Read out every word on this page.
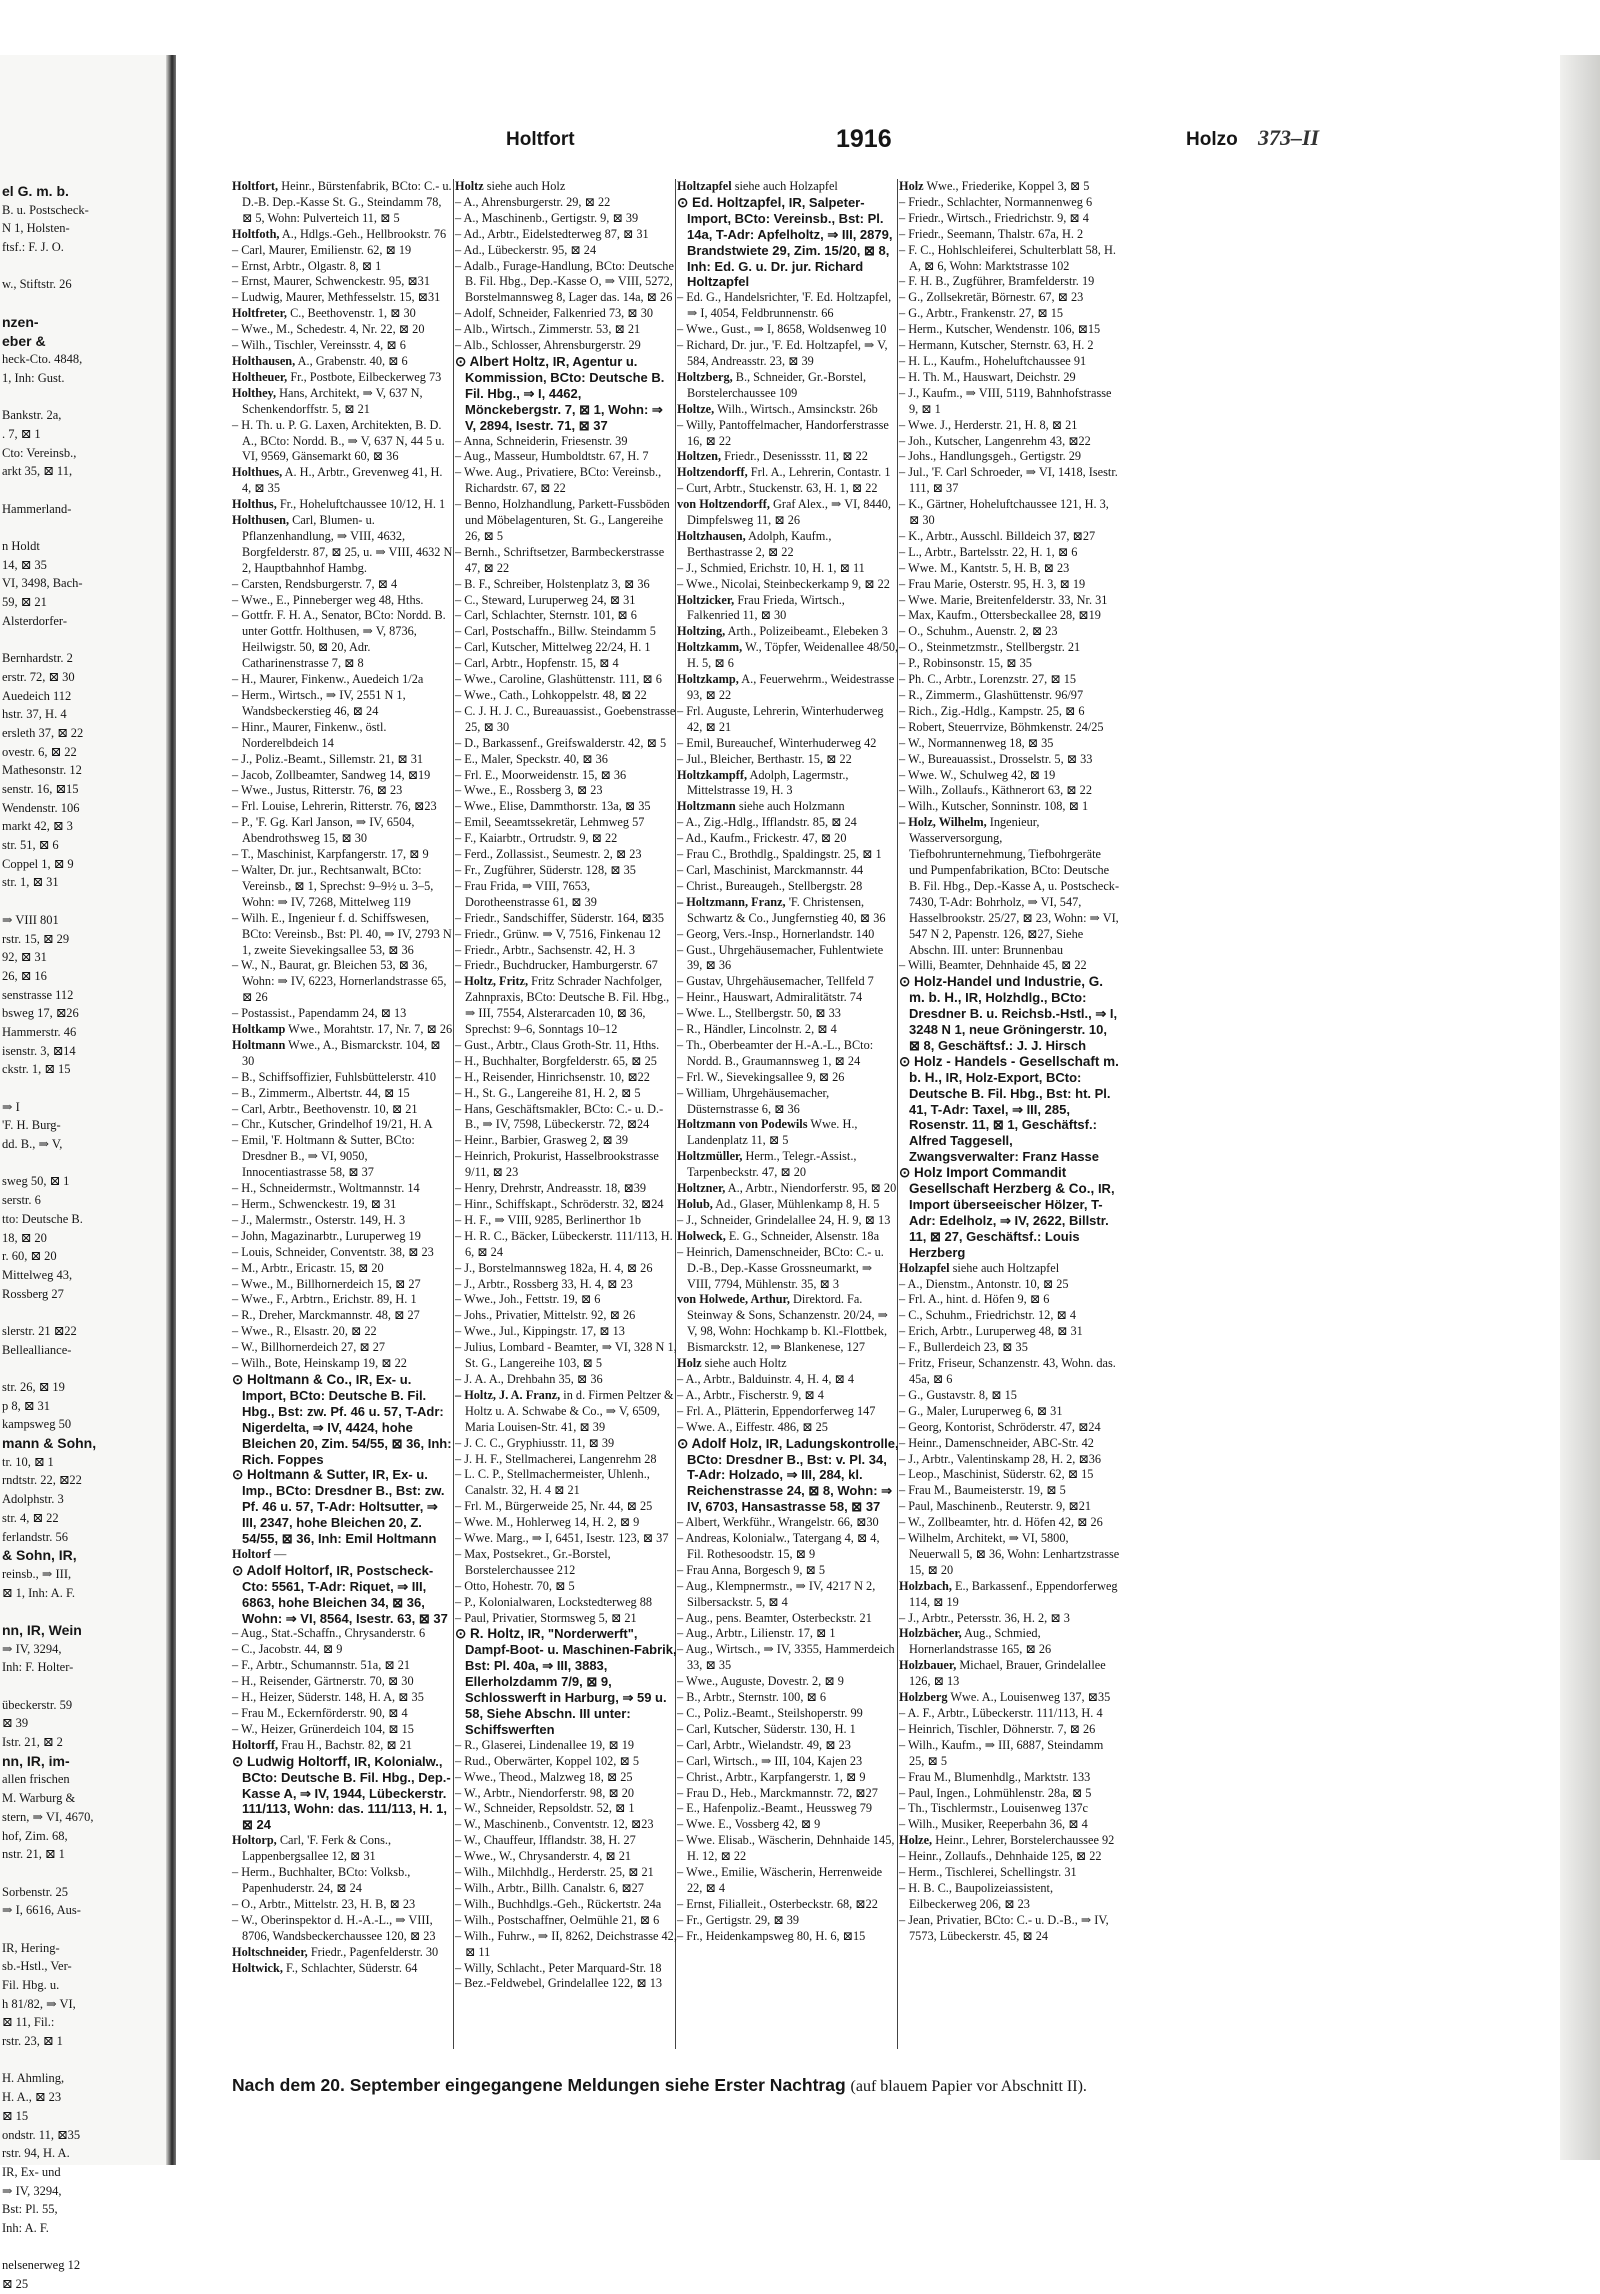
el G. m. b.
B. u. Postscheck-
N 1, Holsten-
ftsf.: F. J. O.
w., Stiftstr. 26
nzen-
eber &
heck-Cto. 4848,
1, Inh: Gust.
Bankstr. 2a,
. 7, ⊠ 1
Cto: Vereinsb.,
arkt 35, ⊠ 11,
Hammerland-
n Holdt
14, ⊠ 35
VI, 3498, Bach-
59, ⊠ 21
Alsterdorfer-
Bernhardstr. 2
erstr. 72, ⊠ 30
Auedeich 112
hstr. 37, H. 4
ersleth 37, ⊠ 22
ovestr. 6, ⊠ 22
Mathesonstr. 12
senstr. 16, ⊠15
Wendenstr. 106
markt 42, ⊠ 3
str. 51, ⊠ 6
Coppel 1, ⊠ 9
str. 1, ⊠ 31
⇒ VIII 801
rstr. 15, ⊠ 29
92, ⊠ 31
26, ⊠ 16
senstrasse 112
bsweg 17, ⊠26
Hammerstr. 46
isenstr. 3, ⊠14
ckstr. 1, ⊠ 15
⇒ I
'F. H. Burg-
dd. B., ⇒ V,
sweg 50, ⊠ 1
serstr. 6
tto: Deutsche B.
18, ⊠ 20
r. 60, ⊠ 20
Mittelweg 43,
Rossberg 27
slerstr. 21 ⊠22
Bellealliance-
str. 26, ⊠ 19
p 8, ⊠ 31
kampsweg 50
mann & Sohn,
tr. 10, ⊠ 1
rndtstr. 22, ⊠22
Adolphstr. 3
str. 4, ⊠ 22
ferlandstr. 56
& Sohn, IR,
reinsb., ⇒ III,
⊠ 1, Inh: A. F.
nn, IR, Wein
⇒ IV, 3294,
Inh: F. Holter-
übeckerstr. 59
⊠ 39
Istr. 21, ⊠ 2
nn, IR, im-
allen frischen
M. Warburg &
stern, ⇒ VI, 4670,
hof, Zim. 68,
nstr. 21, ⊠ 1
Sorbenstr. 25
⇒ I, 6616, Aus-
IR, Hering-
sb.-Hstl., Ver-
Fil. Hbg. u.
h 81/82, ⇒ VI,
⊠ 11, Fil.:
rstr. 23, ⊠ 1
H. Ahmling,
H. A., ⊠ 23
⊠ 15
ondstr. 11, ⊠35
rstr. 94, H. A.
IR, Ex- und
⇒ IV, 3294,
Bst: Pl. 55,
Inh: A. F.
nelsenerweg 12
⊠ 25
Holtfort	1916	Holzo 373–II

Holtfort, Heinr., Bürstenfabrik, BCto: C.- u. D.-B. Dep.-Kasse St. G., Steindamm 78, ⊠ 5, Wohn: Pulverteich 11, ⊠ 5

Holtfoth, A., Hdlgs.-Geh., Hellbrookstr. 76

– Carl, Maurer, Emilienstr. 62, ⊠ 19

– Ernst, Arbtr., Olgastr. 8, ⊠ 1

– Ernst, Maurer, Schwenckestr. 95, ⊠31

– Ludwig, Maurer, Methfesselstr. 15, ⊠31

Holtfreter, C., Beethovenstr. 1, ⊠ 30

– Wwe., M., Schedestr. 4, Nr. 22, ⊠ 20

– Wilh., Tischler, Vereinsstr. 4, ⊠ 6

Holthausen, A., Grabenstr. 40, ⊠ 6

Holtheuer, Fr., Postbote, Eilbeckerweg 73

Holthey, Hans, Architekt, ⇒ V, 637 N, Schenkendorffstr. 5, ⊠ 21

– H. Th. u. P. G. Laxen, Architekten, B. D. A., BCto: Nordd. B., ⇒ V, 637 N, 44 5 u. VI, 9569, Gänsemarkt 60, ⊠ 36

Holthues, A. H., Arbtr., Grevenweg 41, H. 4, ⊠ 35

Holthus, Fr., Hoheluftchaussee 10/12, H. 1

Holthusen, Carl, Blumen- u. Pflanzenhandlung, ⇒ VIII, 4632, Borgfelderstr. 87, ⊠ 25, u. ⇒ VIII, 4632 N 2, Hauptbahnhof Hambg.

– Carsten, Rendsburgerstr. 7, ⊠ 4

– Wwe., E., Pinneberger weg 48, Hths.

– Gottfr. F. H. A., Senator, BCto: Nordd. B. unter Gottfr. Holthusen, ⇒ V, 8736, Heilwigstr. 50, ⊠ 20, Adr. Catharinenstrasse 7, ⊠ 8

– H., Maurer, Finkenw., Auedeich 1/2a

– Herm., Wirtsch., ⇒ IV, 2551 N 1, Wandsbeckerstieg 46, ⊠ 24

– Hinr., Maurer, Finkenw., östl. Norderelbdeich 14

– J., Poliz.-Beamt., Sillemstr. 21, ⊠ 31

– Jacob, Zollbeamter, Sandweg 14, ⊠19

– Wwe., Justus, Ritterstr. 76, ⊠ 23

– Frl. Louise, Lehrerin, Ritterstr. 76, ⊠23

– P., 'F. Gg. Karl Janson, ⇒ IV, 6504, Abendrothsweg 15, ⊠ 30

– T., Maschinist, Karpfangerstr. 17, ⊠ 9

– Walter, Dr. jur., Rechtsanwalt, BCto: Vereinsb., ⊠ 1, Sprechst: 9–9½ u. 3–5, Wohn: ⇒ IV, 7268, Mittelweg 119

– Wilh. E., Ingenieur f. d. Schiffswesen, BCto: Vereinsb., Bst: Pl. 40, ⇒ IV, 2793 N 1, zweite Sievekingsallee 53, ⊠ 36

– W., N., Baurat, gr. Bleichen 53, ⊠ 36, Wohn: ⇒ IV, 6223, Hornerlandstrasse 65, ⊠ 26

– Postassist., Papendamm 24, ⊠ 13

Holtkamp Wwe., Morahtstr. 17, Nr. 7, ⊠ 26

Holtmann Wwe., A., Bismarckstr. 104, ⊠ 30

– B., Schiffsoffizier, Fuhlsbüttelerstr. 410

– B., Zimmerm., Albertstr. 44, ⊠ 15

– Carl, Arbtr., Beethovenstr. 10, ⊠ 21

– Chr., Kutscher, Grindelhof 19/21, H. A

– Emil, 'F. Holtmann & Sutter, BCto: Dresdner B., ⇒ VI, 9050, Innocentiastrasse 58, ⊠ 37

– H., Schneidermstr., Woltmannstr. 14

– Herm., Schwenckestr. 19, ⊠ 31

– J., Malermstr., Osterstr. 149, H. 3

– John, Magazinarbtr., Luruperweg 19

– Louis, Schneider, Conventstr. 38, ⊠ 23

– M., Arbtr., Ericastr. 15, ⊠ 20

– Wwe., M., Billhornerdeich 15, ⊠ 27

– Wwe., F., Arbtrn., Erichstr. 89, H. 1

– R., Dreher, Marckmannstr. 48, ⊠ 27

– Wwe., R., Elsastr. 20, ⊠ 22

– W., Billhornerdeich 27, ⊠ 27

– Wilh., Bote, Heinskamp 19, ⊠ 22

⊙ Holtmann & Co., IR, Ex- u. Import, BCto: Deutsche B. Fil. Hbg., Bst: zw. Pf. 46 u. 57, T-Adr: Nigerdelta, ⇒ IV, 4424, hohe Bleichen 20, Zim. 54/55, ⊠ 36, Inh: Rich. Foppes

⊙ Holtmann & Sutter, IR, Ex- u. Imp., BCto: Dresdner B., Bst: zw. Pf. 46 u. 57, T-Adr: Holtsutter, ⇒ III, 2347, hohe Bleichen 20, Z. 54/55, ⊠ 36, Inh: Emil Holtmann

Holtorf —

⊙ Adolf Holtorf, IR, Postscheck-Cto: 5561, T-Adr: Riquet, ⇒ III, 6863, hohe Bleichen 34, ⊠ 36, Wohn: ⇒ VI, 8564, Isestr. 63, ⊠ 37

– Aug., Stat.-Schaffn., Chrysanderstr. 6

– C., Jacobstr. 44, ⊠ 9

– F., Arbtr., Schumannstr. 51a, ⊠ 21

– H., Reisender, Gärtnerstr. 70, ⊠ 30

– H., Heizer, Süderstr. 148, H. A, ⊠ 35

– Frau M., Eckernförderstr. 90, ⊠ 4

– W., Heizer, Grünerdeich 104, ⊠ 15

Holtorff, Frau H., Bachstr. 82, ⊠ 21

⊙ Ludwig Holtorff, IR, Kolonialw., BCto: Deutsche B. Fil. Hbg., Dep.-Kasse A, ⇒ IV, 1944, Lübeckerstr. 111/113, Wohn: das. 111/113, H. 1, ⊠ 24

Holtorp, Carl, 'F. Ferk & Cons., Lappenbergsallee 12, ⊠ 31

– Herm., Buchhalter, BCto: Volksb., Papenhuderstr. 24, ⊠ 24

– O., Arbtr., Mittelstr. 23, H. B, ⊠ 23

– W., Oberinspektor d. H.-A.-L., ⇒ VIII, 8706, Wandsbeckerchaussee 120, ⊠ 23

Holtschneider, Friedr., Pagenfelderstr. 30

Holtwick, F., Schlachter, Süderstr. 64

Holtz siehe auch Holz

– A., Ahrensburgerstr. 29, ⊠ 22

– A., Maschinenb., Gertigstr. 9, ⊠ 39

– Ad., Arbtr., Eidelstedterweg 87, ⊠ 31

– Ad., Lübeckerstr. 95, ⊠ 24

– Adalb., Furage-Handlung, BCto: Deutsche B. Fil. Hbg., Dep.-Kasse O, ⇒ VIII, 5272, Borstelmannsweg 8, Lager das. 14a, ⊠ 26

– Adolf, Schneider, Falkenried 73, ⊠ 30

– Alb., Wirtsch., Zimmerstr. 53, ⊠ 21

– Alb., Schlosser, Ahrensburgerstr. 29

⊙ Albert Holtz, IR, Agentur u. Kommission, BCto: Deutsche B. Fil. Hbg., ⇒ I, 4462, Mönckebergstr. 7, ⊠ 1, Wohn: ⇒ V, 2894, Isestr. 71, ⊠ 37

– Anna, Schneiderin, Friesenstr. 39

– Aug., Masseur, Humboldtstr. 67, H. 7

– Wwe. Aug., Privatiere, BCto: Vereinsb., Richardstr. 67, ⊠ 22

– Benno, Holzhandlung, Parkett-Fussböden und Möbelagenturen, St. G., Langereihe 26, ⊠ 5

– Bernh., Schriftsetzer, Barmbeckerstrasse 47, ⊠ 22

– B. F., Schreiber, Holstenplatz 3, ⊠ 36

– C., Steward, Luruperweg 24, ⊠ 31

– Carl, Schlachter, Sternstr. 101, ⊠ 6

– Carl, Postschaffn., Billw. Steindamm 5

– Carl, Kutscher, Mittelweg 22/24, H. 1

– Carl, Arbtr., Hopfenstr. 15, ⊠ 4

– Wwe., Caroline, Glashüttenstr. 111, ⊠ 6

– Wwe., Cath., Lohkoppelstr. 48, ⊠ 22

– C. J. H. J. C., Bureauassist., Goebenstrasse 25, ⊠ 30

– D., Barkassenf., Greifswalderstr. 42, ⊠ 5

– E., Maler, Speckstr. 40, ⊠ 36

– Frl. E., Moorweidenstr. 15, ⊠ 36

– Wwe., E., Rossberg 3, ⊠ 23

– Wwe., Elise, Dammthorstr. 13a, ⊠ 35

– Emil, Seeamtssekretär, Lehmweg 57

– F., Kaiarbtr., Ortrudstr. 9, ⊠ 22

– Ferd., Zollassist., Seumestr. 2, ⊠ 23

– Fr., Zugführer, Süderstr. 128, ⊠ 35

– Frau Frida, ⇒ VIII, 7653, Dorotheenstrasse 61, ⊠ 39

– Friedr., Sandschiffer, Süderstr. 164, ⊠35

– Friedr., Grünw. ⇒ V, 7516, Finkenau 12

– Friedr., Arbtr., Sachsenstr. 42, H. 3

– Friedr., Buchdrucker, Hamburgerstr. 67

– Holtz, Fritz, Fritz Schrader Nachfolger, Zahnpraxis, BCto: Deutsche B. Fil. Hbg., ⇒ III, 7554, Alsterarcaden 10, ⊠ 36, Sprechst: 9–6, Sonntags 10–12

– Gust., Arbtr., Claus Groth-Str. 11, Hths.

– H., Buchhalter, Borgfelderstr. 65, ⊠ 25

– H., Reisender, Hinrichsenstr. 10, ⊠22

– H., St. G., Langereihe 81, H. 2, ⊠ 5

– Hans, Geschäftsmakler, BCto: C.- u. D.-B., ⇒ IV, 7598, Lübeckerstr. 72, ⊠24

– Heinr., Barbier, Grasweg 2, ⊠ 39

– Heinrich, Prokurist, Hasselbrookstrasse 9/11, ⊠ 23

– Henry, Drehrstr, Andreasstr. 18, ⊠39

– Hinr., Schiffskapt., Schröderstr. 32, ⊠24

– H. F., ⇒ VIII, 9285, Berlinerthor 1b

– H. R. C., Bäcker, Lübeckerstr. 111/113, H. 6, ⊠ 24

– J., Borstelmannsweg 182a, H. 4, ⊠ 26

– J., Arbtr., Rossberg 33, H. 4, ⊠ 23

– Wwe., Joh., Fettstr. 19, ⊠ 6

– Johs., Privatier, Mittelstr. 92, ⊠ 26

– Wwe., Jul., Kippingstr. 17, ⊠ 13

– Julius, Lombard - Beamter, ⇒ VI, 328 N 1, St. G., Langereihe 103, ⊠ 5

– J. A. A., Drehbahn 35, ⊠ 36

– Holtz, J. A. Franz, in d. Firmen Peltzer & Holtz u. A. Schwabe & Co., ⇒ V, 6509, Maria Louisen-Str. 41, ⊠ 39

– J. C. C., Gryphiusstr. 11, ⊠ 39

– J. H. F., Stellmacherei, Langenrehm 28

– L. C. P., Stellmachermeister, Uhlenh., Canalstr. 32, H. 4 ⊠ 21

– Frl. M., Bürgerweide 25, Nr. 44, ⊠ 25

– Wwe. M., Hohlerweg 14, H. 2, ⊠ 9

– Wwe. Marg., ⇒ I, 6451, Isestr. 123, ⊠ 37

– Max, Postsekret., Gr.-Borstel, Borstelerchaussee 212

– Otto, Hohestr. 70, ⊠ 5

– P., Kolonialwaren, Lockstedterweg 88

– Paul, Privatier, Stormsweg 5, ⊠ 21

⊙ R. Holtz, IR, "Norderwerft", Dampf-Boot- u. Maschinen-Fabrik, Bst: Pl. 40a, ⇒ III, 3883, Ellerholzdamm 7/9, ⊠ 9, Schlosswerft in Harburg, ⇒ 59 u. 58, Siehe Abschn. III unter: Schiffswerften

– R., Glaserei, Lindenallee 19, ⊠ 19

– Rud., Oberwärter, Koppel 102, ⊠ 5

– Wwe., Theod., Malzweg 18, ⊠ 25

– W., Arbtr., Niendorferstr. 98, ⊠ 20

– W., Schneider, Repsoldstr. 52, ⊠ 1

– W., Maschinenb., Conventstr. 12, ⊠23

– W., Chauffeur, Ifflandstr. 38, H. 27

– Wwe., W., Chrysanderstr. 4, ⊠ 21

– Wilh., Milchhdlg., Herderstr. 25, ⊠ 21

– Wilh., Arbtr., Billh. Canalstr. 6, ⊠27

– Wilh., Buchhdlgs.-Geh., Rückertstr. 24a

– Wilh., Postschaffner, Oelmühle 21, ⊠ 6

– Wilh., Fuhrw., ⇒ II, 8262, Deichstrasse 42, ⊠ 11

– Willy, Schlacht., Peter Marquard-Str. 18

– Bez.-Feldwebel, Grindelallee 122, ⊠ 13

Holtzapfel siehe auch Holzapfel

⊙ Ed. Holtzapfel, IR, Salpeter-Import, BCto: Vereinsb., Bst: Pl. 14a, T-Adr: Apfelholtz, ⇒ III, 2879, Brandstwiete 29, Zim. 15/20, ⊠ 8, Inh: Ed. G. u. Dr. jur. Richard Holtzapfel

– Ed. G., Handelsrichter, 'F. Ed. Holtzapfel, ⇒ I, 4054, Feldbrunnenstr. 66

– Wwe., Gust., ⇒ I, 8658, Woldsenweg 10

– Richard, Dr. jur., 'F. Ed. Holtzapfel, ⇒ V, 584, Andreasstr. 23, ⊠ 39

Holtzberg, B., Schneider, Gr.-Borstel, Borstelerchaussee 109

Holtze, Wilh., Wirtsch., Amsinckstr. 26b

– Willy, Pantoffelmacher, Handorferstrasse 16, ⊠ 22

Holtzen, Friedr., Desenissstr. 11, ⊠ 22

Holtzendorff, Frl. A., Lehrerin, Contastr. 1

– Curt, Arbtr., Stuckenstr. 63, H. 1, ⊠ 22

von Holtzendorff, Graf Alex., ⇒ VI, 8440, Dimpfelsweg 11, ⊠ 26

Holtzhausen, Adolph, Kaufm., Berthastrasse 2, ⊠ 22

– J., Schmied, Erichstr. 10, H. 1, ⊠ 11

– Wwe., Nicolai, Steinbeckerkamp 9, ⊠ 22

Holtzicker, Frau Frieda, Wirtsch., Falkenried 11, ⊠ 30

Holtzing, Arth., Polizeibeamt., Elebeken 3

Holtzkamm, W., Töpfer, Weidenallee 48/50, H. 5, ⊠ 6

Holtzkamp, A., Feuerwehrm., Weidestrasse 93, ⊠ 22

– Frl. Auguste, Lehrerin, Winterhuderweg 42, ⊠ 21

– Emil, Bureauchef, Winterhuderweg 42

– Jul., Bleicher, Berthastr. 15, ⊠ 22

Holtzkampff, Adolph, Lagermstr., Mittelstrasse 19, H. 3

Holtzmann siehe auch Holzmann

– A., Zig.-Hdlg., Ifflandstr. 85, ⊠ 24

– Ad., Kaufm., Frickestr. 47, ⊠ 20

– Frau C., Brothdlg., Spaldingstr. 25, ⊠ 1

– Carl, Maschinist, Marckmannstr. 44

– Christ., Bureaugeh., Stellbergstr. 28

– Holtzmann, Franz, 'F. Christensen, Schwartz & Co., Jungfernstieg 40, ⊠ 36

– Georg, Vers.-Insp., Hornerlandstr. 140

– Gust., Uhrgehäusemacher, Fuhlentwiete 39, ⊠ 36

– Gustav, Uhrgehäusemacher, Tellfeld 7

– Heinr., Hauswart, Admiralitätstr. 74

– Wwe. L., Stellbergstr. 50, ⊠ 33

– R., Händler, Lincolnstr. 2, ⊠ 4

– Th., Oberbeamter der H.-A.-L., BCto: Nordd. B., Graumannsweg 1, ⊠ 24

– Frl. W., Sievekingsallee 9, ⊠ 26

– William, Uhrgehäusemacher, Düsternstrasse 6, ⊠ 36

Holtzmann von Podewils Wwe. H., Landenplatz 11, ⊠ 5

Holtzmüller, Herm., Telegr.-Assist., Tarpenbeckstr. 47, ⊠ 20

Holtzner, A., Arbtr., Niendorferstr. 95, ⊠ 20

Holub, Ad., Glaser, Mühlenkamp 8, H. 5

– J., Schneider, Grindelallee 24, H. 9, ⊠ 13

Holweck, E. G., Schneider, Alsenstr. 18a

– Heinrich, Damenschneider, BCto: C.- u. D.-B., Dep.-Kasse Grossneumarkt, ⇒ VIII, 7794, Mühlenstr. 35, ⊠ 3

von Holwede, Arthur, Direktord. Fa. Steinway & Sons, Schanzenstr. 20/24, ⇒ V, 98, Wohn: Hochkamp b. Kl.-Flottbek, Bismarckstr. 12, ⇒ Blankenese, 127

Holz siehe auch Holtz

– A., Arbtr., Balduinstr. 4, H. 4, ⊠ 4

– A., Arbtr., Fischerstr. 9, ⊠ 4

– Frl. A., Plätterin, Eppendorferweg 147

– Wwe. A., Eiffestr. 486, ⊠ 25

⊙ Adolf Holz, IR, Ladungskontrolle, BCto: Dresdner B., Bst: v. Pl. 34, T-Adr: Holzado, ⇒ III, 284, kl. Reichenstrasse 24, ⊠ 8, Wohn: ⇒ IV, 6703, Hansastrasse 58, ⊠ 37

– Albert, Werkführ., Wrangelstr. 66, ⊠30

– Andreas, Kolonialw., Tatergang 4, ⊠ 4, Fil. Rothesoodstr. 15, ⊠ 9

– Frau Anna, Borgesch 9, ⊠ 5

– Aug., Klempnermstr., ⇒ IV, 4217 N 2, Silbersackstr. 5, ⊠ 4

– Aug., pens. Beamter, Osterbeckstr. 21

– Aug., Arbtr., Lilienstr. 17, ⊠ 1

– Aug., Wirtsch., ⇒ IV, 3355, Hammerdeich 33, ⊠ 35

– Wwe., Auguste, Dovestr. 2, ⊠ 9

– B., Arbtr., Sternstr. 100, ⊠ 6

– C., Poliz.-Beamt., Steilshoperstr. 99

– Carl, Kutscher, Süderstr. 130, H. 1

– Carl, Arbtr., Wielandstr. 49, ⊠ 23

– Carl, Wirtsch., ⇒ III, 104, Kajen 23

– Christ., Arbtr., Karpfangerstr. 1, ⊠ 9

– Frau D., Heb., Marckmannstr. 72, ⊠27

– E., Hafenpoliz.-Beamt., Heussweg 79

– Wwe. E., Vossberg 42, ⊠ 9

– Wwe. Elisab., Wäscherin, Dehnhaide 145, H. 12, ⊠ 22

– Wwe., Emilie, Wäscherin, Herrenweide 22, ⊠ 4

– Ernst, Filialleit., Osterbeckstr. 68, ⊠22

– Fr., Gertigstr. 29, ⊠ 39

– Fr., Heidenkampsweg 80, H. 6, ⊠15

Holz Wwe., Friederike, Koppel 3, ⊠ 5

– Friedr., Schlachter, Normannenweg 6

– Friedr., Wirtsch., Friedrichstr. 9, ⊠ 4

– Friedr., Seemann, Thalstr. 67a, H. 2

– F. C., Hohlschleiferei, Schulterblatt 58, H. A, ⊠ 6, Wohn: Marktstrasse 102

– F. H. B., Zugführer, Bramfelderstr. 19

– G., Zollsekretär, Börnestr. 67, ⊠ 23

– G., Arbtr., Frankenstr. 27, ⊠ 15

– Herm., Kutscher, Wendenstr. 106, ⊠15

– Hermann, Kutscher, Sternstr. 63, H. 2

– H. L., Kaufm., Hoheluftchaussee 91

– H. Th. M., Hauswart, Deichstr. 29

– J., Kaufm., ⇒ VIII, 5119, Bahnhofstrasse 9, ⊠ 1

– Wwe. J., Herderstr. 21, H. 8, ⊠ 21

– Joh., Kutscher, Langenrehm 43, ⊠22

– Johs., Handlungsgeh., Gertigstr. 29

– Jul., 'F. Carl Schroeder, ⇒ VI, 1418, Isestr. 111, ⊠ 37

– K., Gärtner, Hoheluftchaussee 121, H. 3, ⊠ 30

– K., Arbtr., Ausschl. Billdeich 37, ⊠27

– L., Arbtr., Bartelsstr. 22, H. 1, ⊠ 6

– Wwe. M., Kantstr. 5, H. B, ⊠ 23

– Frau Marie, Osterstr. 95, H. 3, ⊠ 19

– Wwe. Marie, Breitenfelderstr. 33, Nr. 31

– Max, Kaufm., Ottersbeckallee 28, ⊠19

– O., Schuhm., Auenstr. 2, ⊠ 23

– O., Steinmetzmstr., Stellbergstr. 21

– P., Robinsonstr. 15, ⊠ 35

– Ph. C., Arbtr., Lorenzstr. 27, ⊠ 15

– R., Zimmerm., Glashüttenstr. 96/97

– Rich., Zig.-Hdlg., Kampstr. 25, ⊠ 6

– Robert, Steuerrvize, Böhmkenstr. 24/25

– W., Normannenweg 18, ⊠ 35

– W., Bureauassist., Drosselstr. 5, ⊠ 33

– Wwe. W., Schulweg 42, ⊠ 19

– Wilh., Zollaufs., Käthnerort 63, ⊠ 22

– Wilh., Kutscher, Sonninstr. 108, ⊠ 1

– Holz, Wilhelm, Ingenieur, Wasserversorgung, Tiefbohrunternehmung, Tiefbohrgeräte und Pumpenfabrikation, BCto: Deutsche B. Fil. Hbg., Dep.-Kasse A, u. Postscheck- 7430, T-Adr: Bohrholz, ⇒ VI, 547, Hasselbrookstr. 25/27, ⊠ 23, Wohn: ⇒ VI, 547 N 2, Papenstr. 126, ⊠27, Siehe Abschn. III. unter: Brunnenbau

– Willi, Beamter, Dehnhaide 45, ⊠ 22

⊙ Holz-Handel und Industrie, G. m. b. H., IR, Holzhdlg., BCto: Dresdner B. u. Reichsb.-Hstl., ⇒ I, 3248 N 1, neue Gröningerstr. 10, ⊠ 8, Geschäftsf.: J. J. Hirsch

⊙ Holz - Handels - Gesellschaft m. b. H., IR, Holz-Export, BCto: Deutsche B. Fil. Hbg., Bst: ht. Pl. 41, T-Adr: Taxel, ⇒ III, 285, Rosenstr. 11, ⊠ 1, Geschäftsf.: Alfred Taggesell, Zwangsverwalter: Franz Hasse

⊙ Holz Import Commandit Gesellschaft Herzberg & Co., IR, Import überseeischer Hölzer, T-Adr: Edelholz, ⇒ IV, 2622, Billstr. 11, ⊠ 27, Geschäftsf.: Louis Herzberg

Holzapfel siehe auch Holtzapfel

– A., Dienstm., Antonstr. 10, ⊠ 25

– Frl. A., hint. d. Höfen 9, ⊠ 6

– C., Schuhm., Friedrichstr. 12, ⊠ 4

– Erich, Arbtr., Luruperweg 48, ⊠ 31

– F., Bullerdeich 23, ⊠ 35

– Fritz, Friseur, Schanzenstr. 43, Wohn. das. 45a, ⊠ 6

– G., Gustavstr. 8, ⊠ 15

– G., Maler, Luruperweg 6, ⊠ 31

– Georg, Kontorist, Schröderstr. 47, ⊠24

– Heinr., Damenschneider, ABC-Str. 42

– J., Arbtr., Valentinskamp 28, H. 2, ⊠36

– Leop., Maschinist, Süderstr. 62, ⊠ 15

– Frau M., Baumeisterstr. 19, ⊠ 5

– Paul, Maschinenb., Reuterstr. 9, ⊠21

– W., Zollbeamter, htr. d. Höfen 42, ⊠ 26

– Wilhelm, Architekt, ⇒ VI, 5800, Neuerwall 5, ⊠ 36, Wohn: Lenhartzstrasse 15, ⊠ 20

Holzbach, E., Barkassenf., Eppendorferweg 114, ⊠ 19

– J., Arbtr., Petersstr. 36, H. 2, ⊠ 3

Holzbächer, Aug., Schmied, Hornerlandstrasse 165, ⊠ 26

Holzbauer, Michael, Brauer, Grindelallee 126, ⊠ 13

Holzberg Wwe. A., Louisenweg 137, ⊠35

– A. F., Arbtr., Lübeckerstr. 111/113, H. 4

– Heinrich, Tischler, Döhnerstr. 7, ⊠ 26

– Wilh., Kaufm., ⇒ III, 6887, Steindamm 25, ⊠ 5

– Frau M., Blumenhdlg., Marktstr. 133

– Paul, Ingen., Lohmühlenstr. 28a, ⊠ 5

– Th., Tischlermstr., Louisenweg 137c

– Wilh., Musiker, Reeperbahn 36, ⊠ 4

Holze, Heinr., Lehrer, Borstelerchaussee 92

– Heinr., Zollaufs., Dehnhaide 125, ⊠ 22

– Herm., Tischlerei, Schellingstr. 31

– H. B. C., Baupolizeiassistent, Eilbeckerweg 206, ⊠ 23

– Jean, Privatier, BCto: C.- u. D.-B., ⇒ IV, 7573, Lübeckerstr. 45, ⊠ 24

Nach dem 20. September eingegangene Meldungen siehe Erster Nachtrag (auf blauem Papier vor Abschnitt II).
